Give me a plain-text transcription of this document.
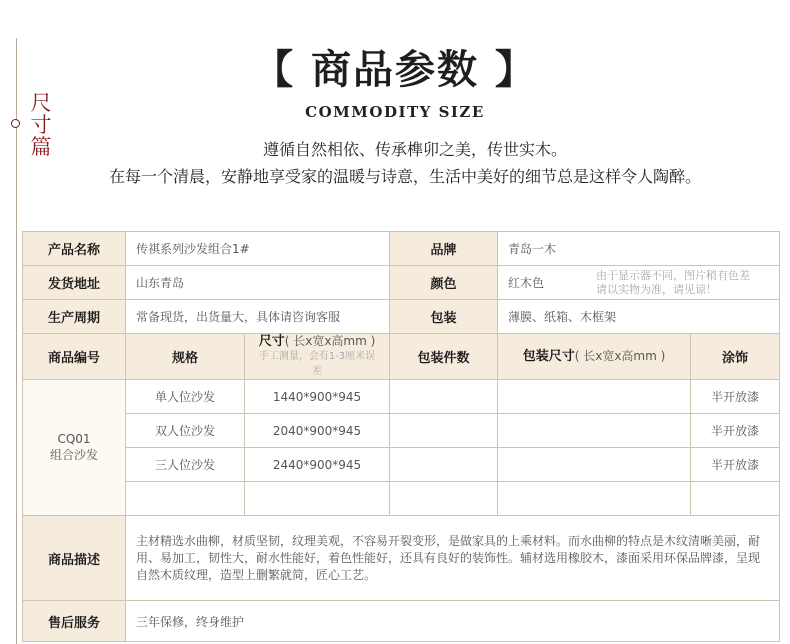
尺
寸
篇
【 商品参数 】
COMMODITY SIZE
遵循自然相依、传承榫卯之美，传世实木。
在每一个清晨，安静地享受家的温暖与诗意，生活中美好的细节总是这样令人陶醉。
产品名称	传祺系列沙发组合1#		品牌	青岛一木	
发货地址	山东青岛		颜色	红木色
由于显示器不同，图片稍有色差
请以实物为准，请见谅！	

生产周期	常备现货，出货量大，具体请咨询客服		包装	薄膜、纸箱、木框架	
商品编号	规格	尺寸( 长x宽x高mm )
手工测量，会有1-3厘米误差	包装件数	包装尺寸( 长x宽x高mm )	涂饰

CQ01
组合沙发	单人位沙发	1440*900*945			半开放漆
	双人位沙发	2040*900*945			半开放漆
	三人位沙发	2440*900*945			半开放漆

商品描述	主材精选水曲柳，材质坚韧，纹理美观，不容易开裂变形，是做家具的上乘材料。而水曲柳的特点是木纹清晰美丽，耐用、易加工，韧性大，耐水性能好，着色性能好，还具有良好的装饰性。辅材选用橡胶木，漆面采用环保品牌漆，呈现自然木质纹理，造型上删繁就简，匠心工艺。				
售后服务	三年保修，终身维护				
